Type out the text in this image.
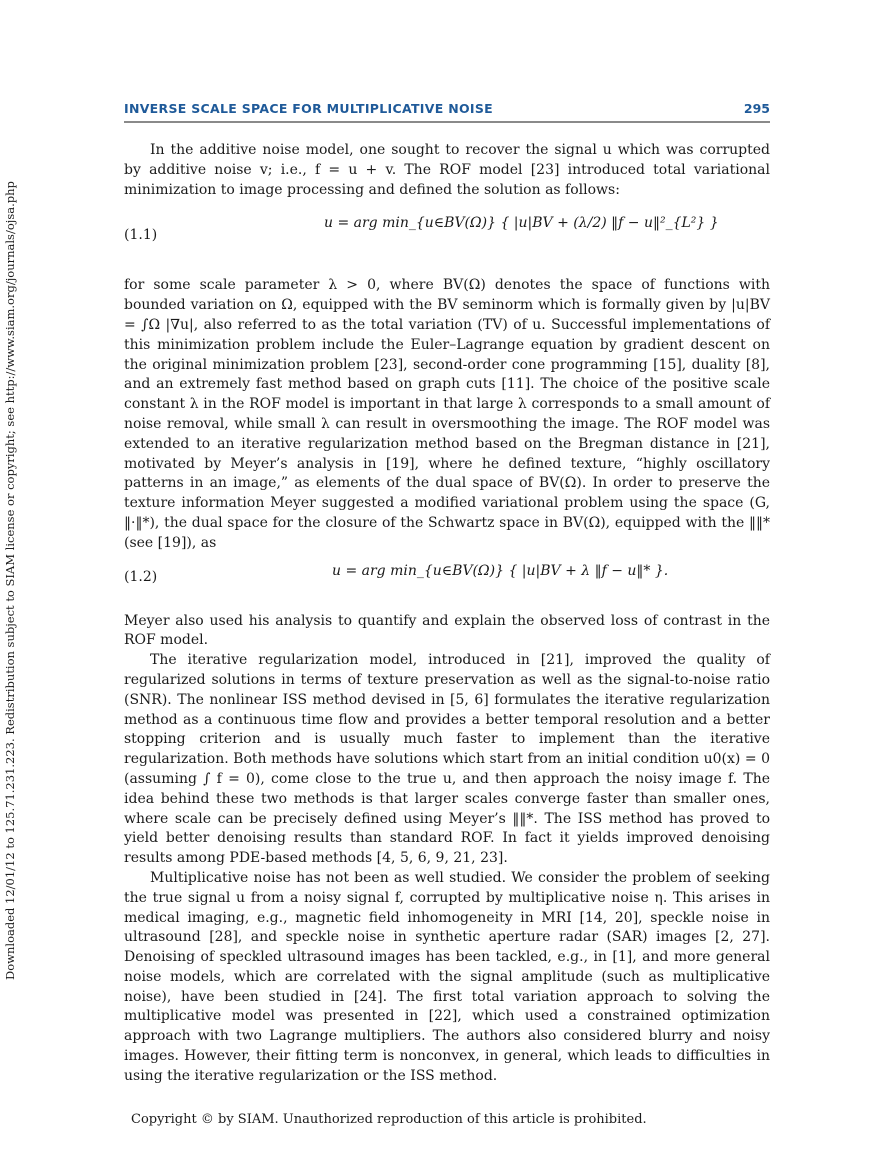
INVERSE SCALE SPACE FOR MULTIPLICATIVE NOISE	295
Downloaded 12/01/12 to 125.71.231.223. Redistribution subject to SIAM license or copyright; see http://www.siam.org/journals/ojsa.php

In the additive noise model, one sought to recover the signal u which was corrupted by additive noise v; i.e., f = u + v. The ROF model [23] introduced total variational minimization to image processing and defined the solution as follows:

(1.1)
u = arg min_{u∈BV(Ω)} { |u|BV + (λ/2) ‖f − u‖²_{L²} }

for some scale parameter λ > 0, where BV(Ω) denotes the space of functions with bounded variation on Ω, equipped with the BV seminorm which is formally given by |u|BV = ∫Ω |∇u|, also referred to as the total variation (TV) of u. Successful implementations of this minimization problem include the Euler–Lagrange equation by gradient descent on the original minimization problem [23], second-order cone programming [15], duality [8], and an extremely fast method based on graph cuts [11]. The choice of the positive scale constant λ in the ROF model is important in that large λ corresponds to a small amount of noise removal, while small λ can result in oversmoothing the image. The ROF model was extended to an iterative regularization method based on the Bregman distance in [21], motivated by Meyer’s analysis in [19], where he defined texture, “highly oscillatory patterns in an image,” as elements of the dual space of BV(Ω). In order to preserve the texture information Meyer suggested a modified variational problem using the space (G, ‖·‖*), the dual space for the closure of the Schwartz space in BV(Ω), equipped with the ‖‖* (see [19]), as

(1.2)	u = arg min_{u∈BV(Ω)} { |u|BV + λ ‖f − u‖* }.

Meyer also used his analysis to quantify and explain the observed loss of contrast in the ROF model.

The iterative regularization model, introduced in [21], improved the quality of regularized solutions in terms of texture preservation as well as the signal-to-noise ratio (SNR). The nonlinear ISS method devised in [5, 6] formulates the iterative regularization method as a continuous time flow and provides a better temporal resolution and a better stopping criterion and is usually much faster to implement than the iterative regularization. Both methods have solutions which start from an initial condition u0(x) = 0 (assuming ∫ f = 0), come close to the true u, and then approach the noisy image f. The idea behind these two methods is that larger scales converge faster than smaller ones, where scale can be precisely defined using Meyer’s ‖‖*. The ISS method has proved to yield better denoising results than standard ROF. In fact it yields improved denoising results among PDE-based methods [4, 5, 6, 9, 21, 23].

Multiplicative noise has not been as well studied. We consider the problem of seeking the true signal u from a noisy signal f, corrupted by multiplicative noise η. This arises in medical imaging, e.g., magnetic field inhomogeneity in MRI [14, 20], speckle noise in ultrasound [28], and speckle noise in synthetic aperture radar (SAR) images [2, 27]. Denoising of speckled ultrasound images has been tackled, e.g., in [1], and more general noise models, which are correlated with the signal amplitude (such as multiplicative noise), have been studied in [24]. The first total variation approach to solving the multiplicative model was presented in [22], which used a constrained optimization approach with two Lagrange multipliers. The authors also considered blurry and noisy images. However, their fitting term is nonconvex, in general, which leads to difficulties in using the iterative regularization or the ISS method.

Copyright © by SIAM. Unauthorized reproduction of this article is prohibited.
